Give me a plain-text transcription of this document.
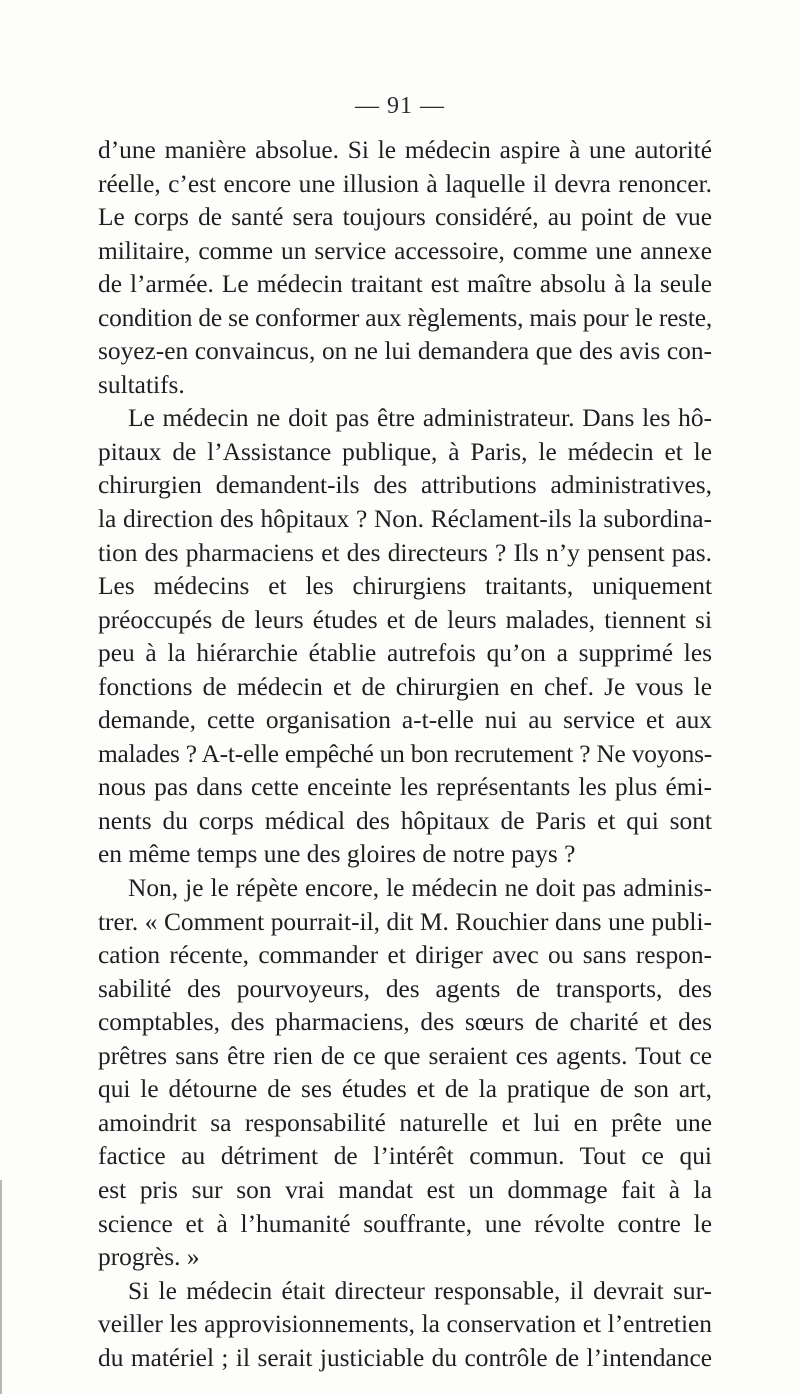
— 91 —
d’une manière absolue. Si le médecin aspire à une autorité
réelle, c’est encore une illusion à laquelle il devra renoncer.
Le corps de santé sera toujours considéré, au point de vue
militaire, comme un service accessoire, comme une annexe
de l’armée. Le médecin traitant est maître absolu à la seule
condition de se conformer aux règlements, mais pour le reste,
soyez-en convaincus, on ne lui demandera que des avis con-
sultatifs.
Le médecin ne doit pas être administrateur. Dans les hô-
pitaux de l’Assistance publique, à Paris, le médecin et le
chirurgien demandent-ils des attributions administratives,
la direction des hôpitaux ? Non. Réclament-ils la subordina-
tion des pharmaciens et des directeurs ? Ils n’y pensent pas.
Les médecins et les chirurgiens traitants, uniquement
préoccupés de leurs études et de leurs malades, tiennent si
peu à la hiérarchie établie autrefois qu’on a supprimé les
fonctions de médecin et de chirurgien en chef. Je vous le
demande, cette organisation a-t-elle nui au service et aux
malades ? A-t-elle empêché un bon recrutement ? Ne voyons-
nous pas dans cette enceinte les représentants les plus émi-
nents du corps médical des hôpitaux de Paris et qui sont
en même temps une des gloires de notre pays ?
Non, je le répète encore, le médecin ne doit pas adminis-
trer. « Comment pourrait-il, dit M. Rouchier dans une publi-
cation récente, commander et diriger avec ou sans respon-
sabilité des pourvoyeurs, des agents de transports, des
comptables, des pharmaciens, des sœurs de charité et des
prêtres sans être rien de ce que seraient ces agents. Tout ce
qui le détourne de ses études et de la pratique de son art,
amoindrit sa responsabilité naturelle et lui en prête une
factice au détriment de l’intérêt commun. Tout ce qui
est pris sur son vrai mandat est un dommage fait à la
science et à l’humanité souffrante, une révolte contre le
progrès. »
Si le médecin était directeur responsable, il devrait sur-
veiller les approvisionnements, la conservation et l’entretien
du matériel ; il serait justiciable du contrôle de l’intendance
